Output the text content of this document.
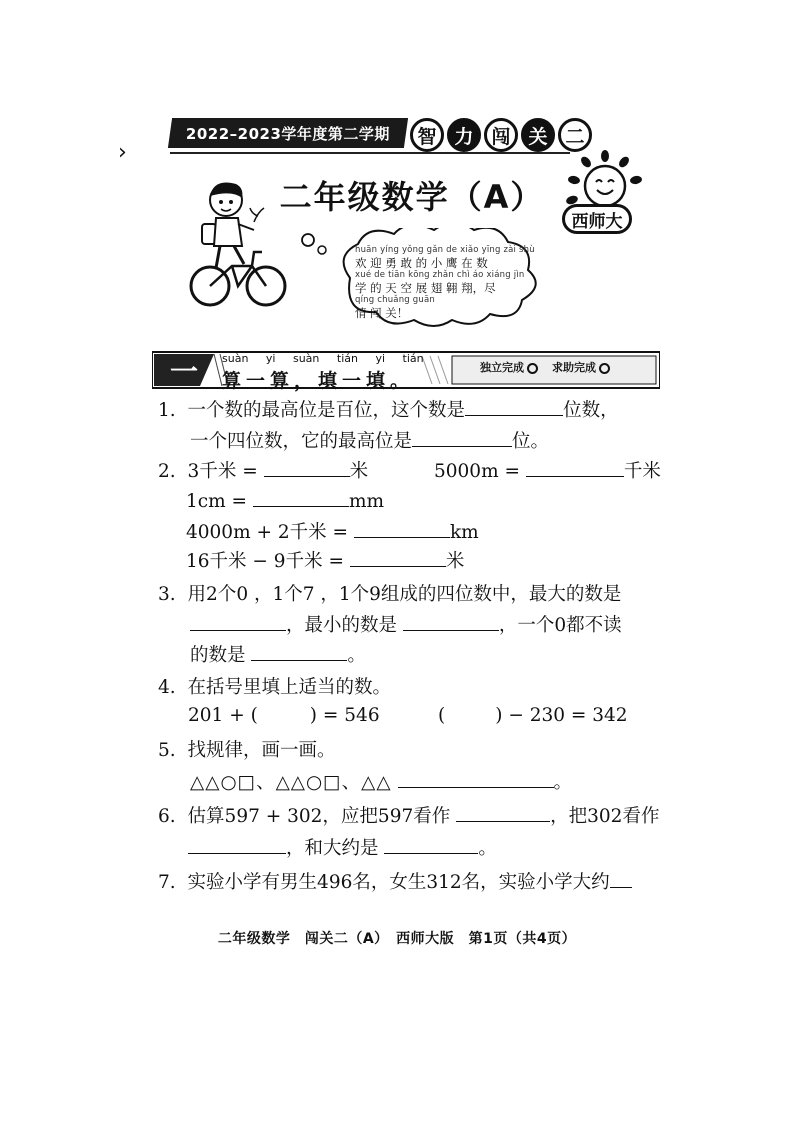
›
2022–2023学年度第二学期	智 力 闯 关 二
二年级数学（A）
西师大
huān yíng yǒng gǎn de xiǎo yīng zài shù
欢 迎 勇 敢 的 小 鹰 在 数
xué de tiān kōng zhǎn chì áo xiáng jìn
学 的 天 空 展 翅 翱 翔，尽
qíng chuǎng guān
情 闯 关！
一 suàn yi suàn tián yi tián
算一算，填一填。
独立完成	求助完成
1. 一个数的最高位是百位，这个数是	位数，
一个四位数，它的最高位是	位。
2. 3千米 =	米	5000m =	千米
1cm =	mm
4000m + 2千米 =	km
16千米 − 9千米 =	米
3. 用2个0 ，1个7 ，1个9组成的四位数中，最大的数是
，最小的数是	，一个0都不读
的数是	。
4. 在括号里填上适当的数。
201 + (	) = 546	(	) − 230 = 342
5. 找规律，画一画。
△△○□、△△○□、△△	。
6. 估算597 + 302，应把597看作	，把302看作
，和大约是	。
7. 实验小学有男生496名，女生312名，实验小学大约
二年级数学　闯关二（A）　西师大版　第1页（共4页）
